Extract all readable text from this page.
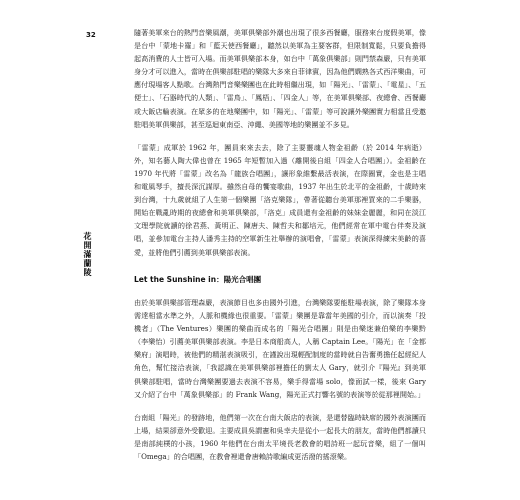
32
花開滿蘭陵

隨著美軍來台的熱門音樂風潮，美軍俱樂部外潮也出現了很多西餐廳，服務來台度假美軍，像是台中「蒙地卡羅」和「藍天使西餐廳」，聽然以美軍為主要客群，但限制寬鬆，只要負擔得起高消費的人士皆可入場。而美軍俱樂部本身，如台中「萬象俱樂部」則門禁森嚴，只有美軍身分才可以進入，當時在俱樂部駐唱的樂隊大多來自菲律賓，因為他們嫻熟各式西洋樂曲，可應付現場客人點歌。台灣熱門音樂樂團也在此時相繼出現，如「陽光」、「雷蒙」、「電星」、「五便士」、「石器時代的人類」、「雷鳥」、「鳳梧」、「四金人」等，在美軍俱樂部、夜總會、西餐廳或大飯店輪表演。在眾多的在地樂團中，如「陽光」、「雷蒙」等可說讓外樂團實力相當且受邀駐唱美軍俱樂部，甚至巡迴東南亞、沖繩、美國等地的樂團並不多見。

「雷蒙」成軍於 1962 年，團員來來去去，除了主要靈魂人物金祖齡（於 2014 年病逝）外，知名藝人陶大偉也曾在 1965 年短暫加入過（離開後自組「四金人合唱團」）。金祖齡在 1970 年代將「雷蒙」改名為「龍族合唱團」，讓形象維繫最活表演，在際圈實，金也是主唱和電風琴手，擅長深沉謀厚。雖然自母的饗宴歌曲，1937 年出生於北平的金祖齡，十歲時來到台灣，十九歲就組了人生第一個樂團「洛克樂隊」，帶著從聽台美軍那裡買來的二手樂器，開始在戰亂時期的夜總會和美軍俱樂部，「洛克」成員還有金祖齡的妹妹金麗麗，和同在淡江文理學院就讀的徐君燕、黃明正、陳唐夫、陳哲夫和鄒培元，他們經常在軍中電台伴奏及演唱，並參加電台主持人潘秀主持的空軍新生社舉辦的演唱會，「雷蒙」表演深得練宋美齡的喜愛，並將他們引薦到美軍俱樂部表演。

Let the Sunshine in：陽光合唱團

由於美軍俱樂部管理森嚴，表演節目也多由國外引進，台灣樂隊要能駐場表演，除了樂隊本身需達相當水準之外，人脈和機緣也很重要。「雷蒙」樂團是靠當年美國的引介，而以演奏「投機者」（The Ventures）樂團的樂曲而成名的「陽光合唱團」則是由樂迷兼伯樂的李樂黔（李樂怡）引薦美軍俱樂部表演。李是日本商船高人，人稱 Captain Lee。「陽光」在「金都樂府」演唱時，被他們的精湛表演吸引，在謹說出現輕配制度的當時就自告奮勇擔任起經紀人角色，幫忙接洽表演，「我認識在美軍俱樂部裡擔任的劉太人 Gary，就引介『陽光』到美軍俱樂部駐唱，當時台灣樂團要過去表演不容易，樂手得當場 solo，像面試一樣，後來 Gary 又介紹了台中「萬象俱樂部」的 Frank Wang，陽光正式打響名號的表演等於從那裡開始。」

台南組「陽光」的發跡地，他們第一次在台南大飯店的表演，是還替臨時缺席的國外表演團而上場，結果卻意外受歡迎。主要成員吳謂憲和吳幸夫是從小一起長大的朋友，當時他們都讀只是南部純樸的小孩，1960 年他們在台南太平境長老教會的唱詩班一起玩音樂，組了一個叫「Omega」的合唱團，在教會裡還會唐賴詩歌編成更活潑的搖滾樂。
